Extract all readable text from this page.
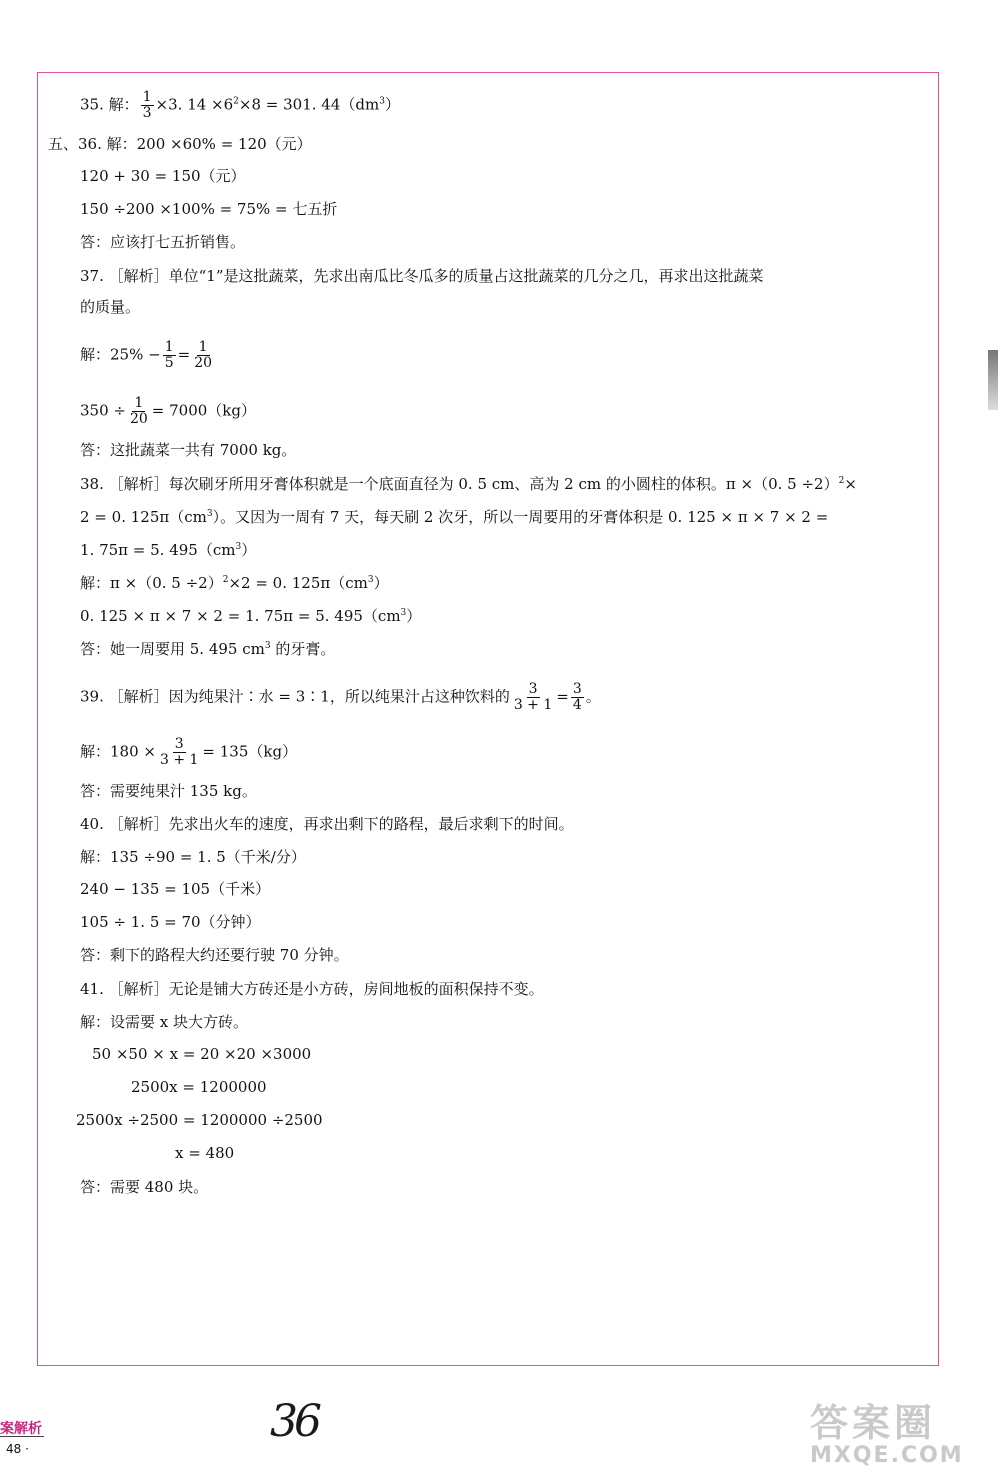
35. 解： $\frac{1}{3} \times 3$. $14 \times 6^2\times 8 = 301$. $44(dm^3)$
五、36. 解：200 ×60% = 120（元）
120 + 30 = 150（元）
150 ÷200 ×100% = 75% = 七五折
答：应该打七五折销售。
37. ［解析］单位“1”是这批蔬菜，先求出南瓜比冬瓜多的质量占这批蔬菜的几分之几，再求出这批蔬菜
的质量。
解：$25\% - \frac{1}{5} = \frac{1}{20}$
$350 \div \frac{1}{20} = 7000(kg)$
答：这批蔬菜一共有 7000 kg。
38. ［解析］每次刷牙所用牙膏体积就是一个底面直径为 0. 5 cm、高为 2 cm 的小圆柱的体积。π ×（0. 5 ÷2）$^2$×
2 = 0. $125\pi(cm^3)$。又因为一周有 7 天，每天刷 2 次牙，所以一周要用的牙膏体积是 0. 125 × π × 7 × 2 =
1. 75π = 5. $495(cm^3)$
解：π ×（0. 5 ÷2）$^2$×2 = 0. $125\pi(cm^3)$
0. 125 × π × 7 × 2 = 1. 75π = 5. $495(cm^3)$
答：她一周要用 5. 495 $cm^3$ 的牙膏。
39. ［解析］因为纯果汁∶水 = 3∶1，所以纯果汁占这种饮料的 $\frac{3}{3 + 1} = \frac{3}{4}$ 。
解：$180 \times \frac{3}{3 + 1} = 135(kg)$
答：需要纯果汁 135 kg。
40. ［解析］先求出火车的速度，再求出剩下的路程，最后求剩下的时间。
解：135 ÷90 = 1. 5（千米/分）
240 − 135 = 105（千米）
105 ÷ 1. 5 = 70（分钟）
答：剩下的路程大约还要行驶 70 分钟。
41. ［解析］无论是铺大方砖还是小方砖，房间地板的面积保持不变。
解：设需要 x 块大方砖。
50 ×50 × x = 20 ×20 ×3000
2500x = 1200000
2500x ÷2500 = 1200000 ÷2500
x = 480
答：需要 480 块。
案解析
48 ·
36	答案圈
MXQE.COM
